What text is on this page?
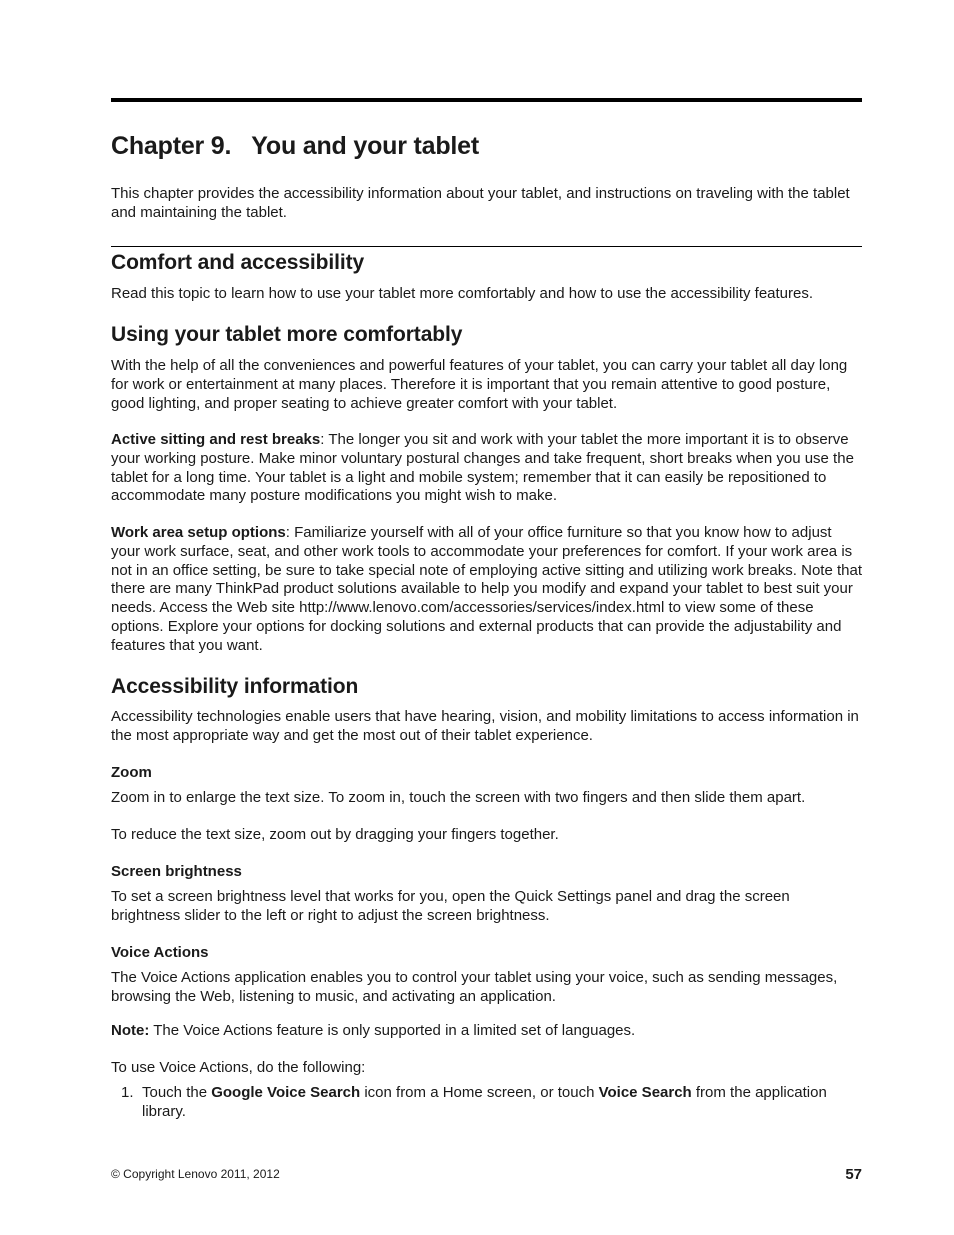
Chapter 9. You and your tablet

This chapter provides the accessibility information about your tablet, and instructions on traveling with the tablet and maintaining the tablet.

Comfort and accessibility

Read this topic to learn how to use your tablet more comfortably and how to use the accessibility features.

Using your tablet more comfortably

With the help of all the conveniences and powerful features of your tablet, you can carry your tablet all day long for work or entertainment at many places. Therefore it is important that you remain attentive to good posture, good lighting, and proper seating to achieve greater comfort with your tablet.

Active sitting and rest breaks: The longer you sit and work with your tablet the more important it is to observe your working posture. Make minor voluntary postural changes and take frequent, short breaks when you use the tablet for a long time. Your tablet is a light and mobile system; remember that it can easily be repositioned to accommodate many posture modifications you might wish to make.

Work area setup options: Familiarize yourself with all of your office furniture so that you know how to adjust your work surface, seat, and other work tools to accommodate your preferences for comfort. If your work area is not in an office setting, be sure to take special note of employing active sitting and utilizing work breaks. Note that there are many ThinkPad product solutions available to help you modify and expand your tablet to best suit your needs. Access the Web site http://www.lenovo.com/accessories/services/index.html to view some of these options. Explore your options for docking solutions and external products that can provide the adjustability and features that you want.

Accessibility information

Accessibility technologies enable users that have hearing, vision, and mobility limitations to access information in the most appropriate way and get the most out of their tablet experience.

Zoom

Zoom in to enlarge the text size. To zoom in, touch the screen with two fingers and then slide them apart.

To reduce the text size, zoom out by dragging your fingers together.

Screen brightness

To set a screen brightness level that works for you, open the Quick Settings panel and drag the screen brightness slider to the left or right to adjust the screen brightness.

Voice Actions

The Voice Actions application enables you to control your tablet using your voice, such as sending messages, browsing the Web, listening to music, and activating an application.

Note: The Voice Actions feature is only supported in a limited set of languages.

To use Voice Actions, do the following:

1. Touch the Google Voice Search icon from a Home screen, or touch Voice Search from the application library.
© Copyright Lenovo 2011, 2012	57
